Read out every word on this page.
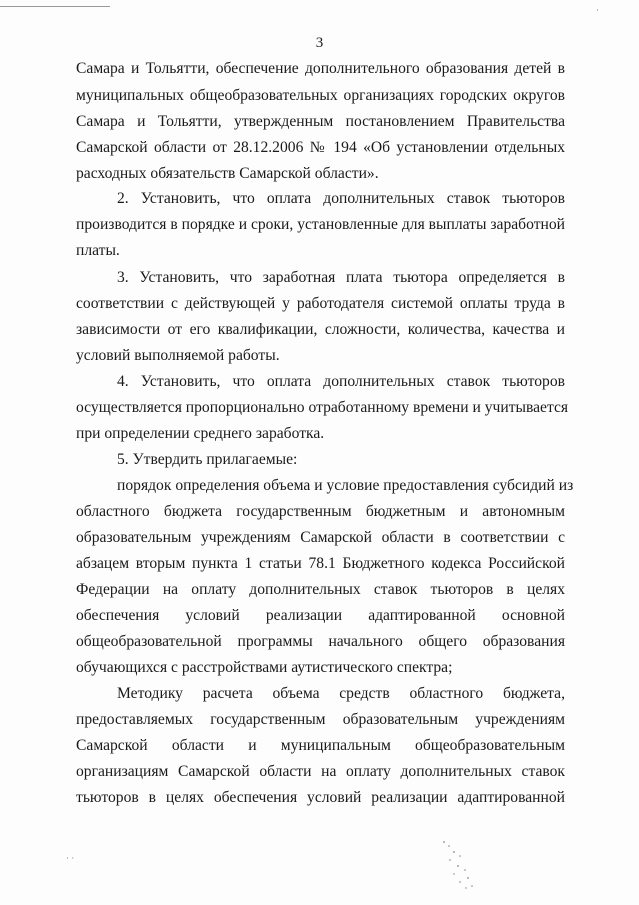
3
Самара и Тольятти, обеспечение дополнительного образования детей в
муниципальных общеобразовательных организациях городских округов
Самара и Тольятти, утвержденным постановлением Правительства
Самарской области от 28.12.2006 № 194 «Об установлении отдельных
расходных обязательств Самарской области».
2. Установить, что оплата дополнительных ставок тьюторов
производится в порядке и сроки, установленные для выплаты заработной
платы.
3. Установить, что заработная плата тьютора определяется в
соответствии с действующей у работодателя системой оплаты труда в
зависимости от его квалификации, сложности, количества, качества и
условий выполняемой работы.
4. Установить, что оплата дополнительных ставок тьюторов
осуществляется пропорционально отработанному времени и учитывается
при определении среднего заработка.
5. Утвердить прилагаемые:
порядок определения объема и условие предоставления субсидий из
областного бюджета государственным бюджетным и автономным
образовательным учреждениям Самарской области в соответствии с
абзацем вторым пункта 1 статьи 78.1 Бюджетного кодекса Российской
Федерации на оплату дополнительных ставок тьюторов в целях
обеспечения условий реализации адаптированной основной
общеобразовательной программы начального общего образования
обучающихся с расстройствами аутистического спектра;
Методику расчета объема средств областного бюджета,
предоставляемых государственным образовательным учреждениям
Самарской области и муниципальным общеобразовательным
организациям Самарской области на оплату дополнительных ставок
тьюторов в целях обеспечения условий реализации адаптированной
·
· ·
